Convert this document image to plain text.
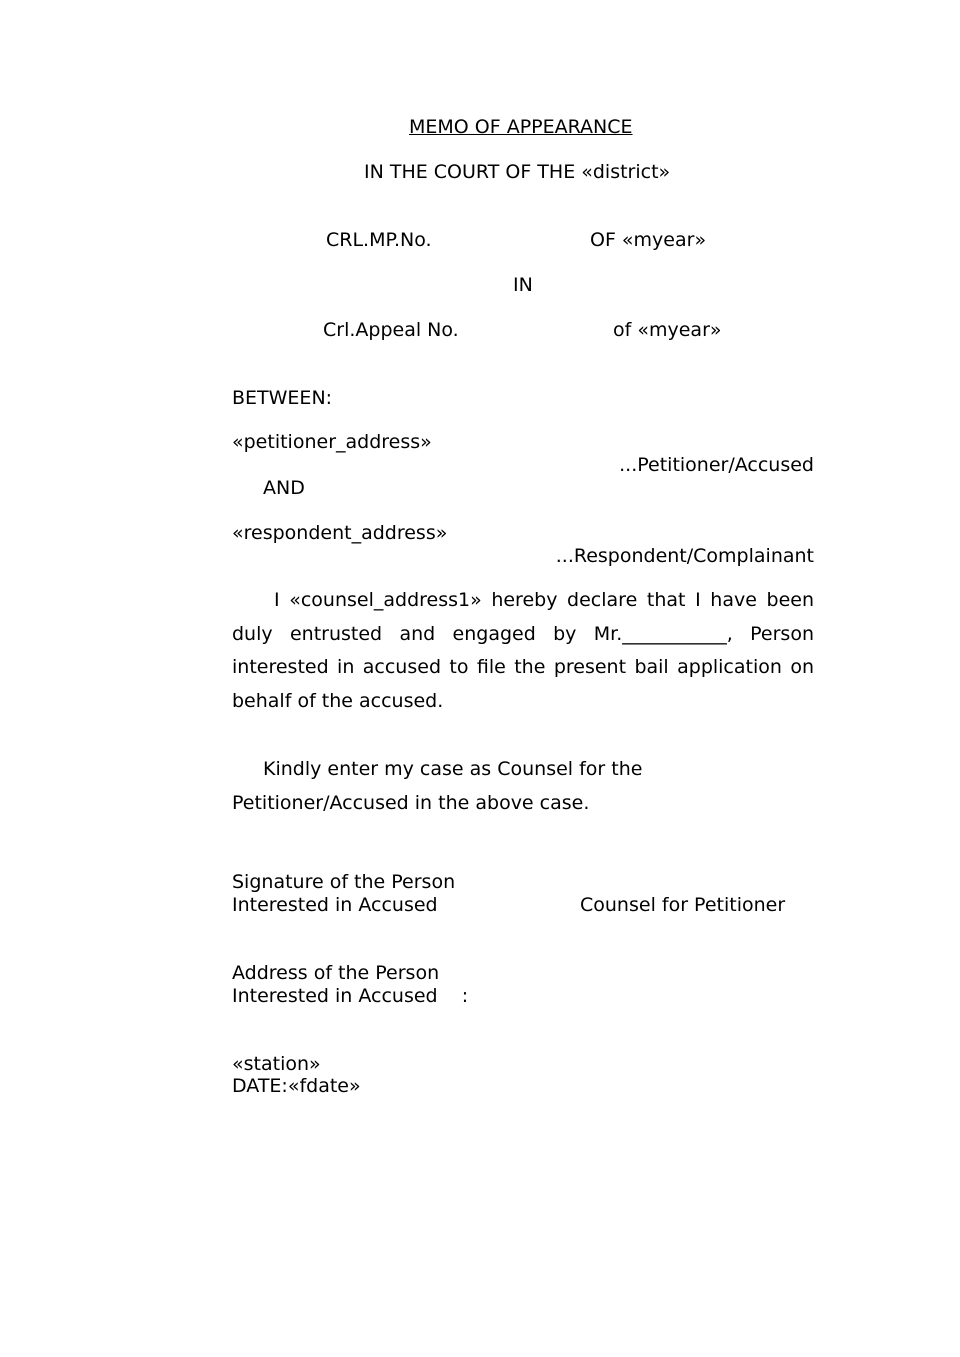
MEMO OF APPEARANCE
IN THE COURT OF THE «district»
CRL.MP.No.	OF «myear»
IN
Crl.Appeal No.	of «myear»
BETWEEN:
«petitioner_address»
...Petitioner/Accused
AND
«respondent_address»
...Respondent/Complainant
I «counsel_address1» hereby declare that I have been duly entrusted and engaged by Mr.___________, Person interested in accused to file the present bail application on behalf of the accused.
Kindly enter my case as Counsel for the Petitioner/Accused in the above case.
Signature of the Person
Interested in Accused	Counsel for Petitioner
Address of the Person
Interested in Accused    :
«station»
DATE:«fdate»
